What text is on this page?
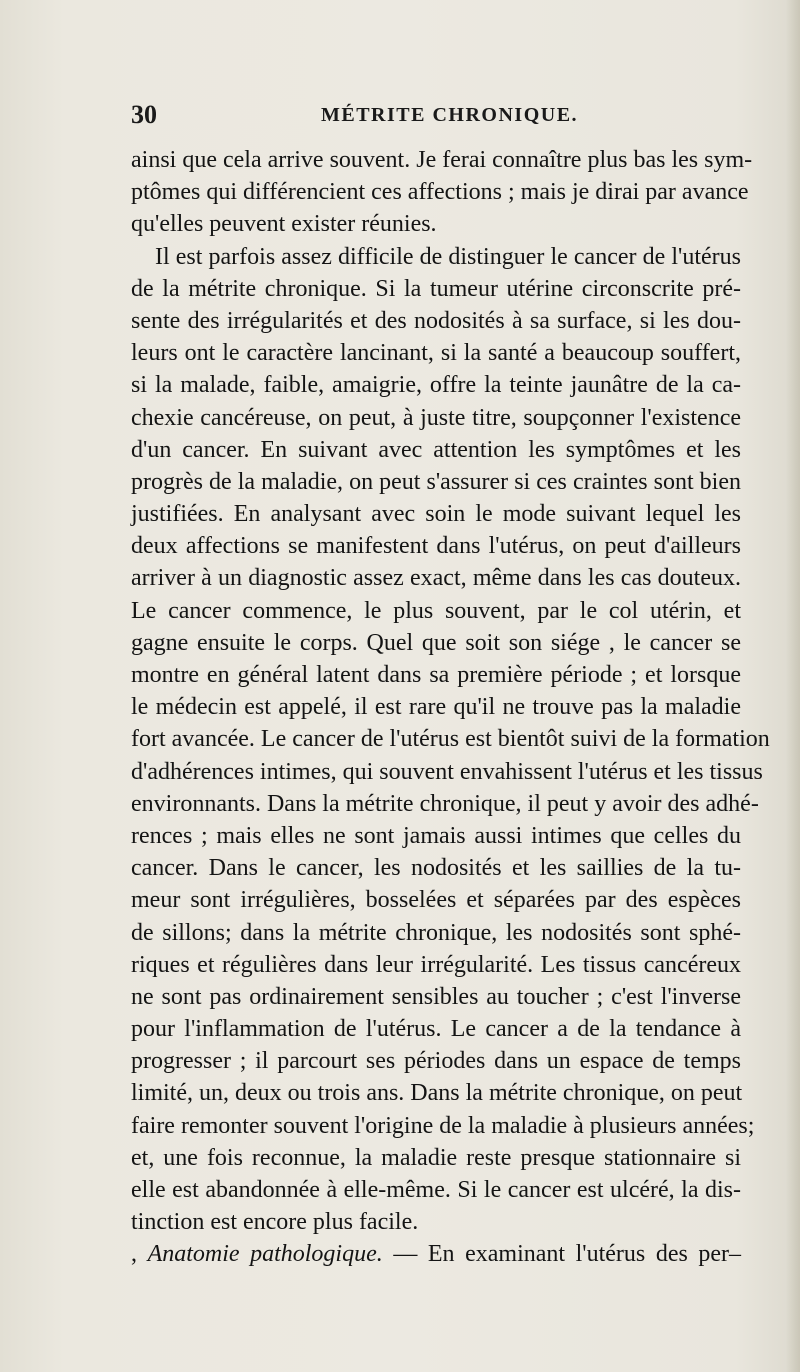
30	MÉTRITE CHRONIQUE.
ainsi que cela arrive souvent. Je ferai connaître plus bas les sym-
ptômes qui différencient ces affections ; mais je dirai par avance
qu'elles peuvent exister réunies.
Il est parfois assez difficile de distinguer le cancer de l'utérus
de la métrite chronique. Si la tumeur utérine circonscrite pré-
sente des irrégularités et des nodosités à sa surface, si les dou-
leurs ont le caractère lancinant, si la santé a beaucoup souffert,
si la malade, faible, amaigrie, offre la teinte jaunâtre de la ca-
chexie cancéreuse, on peut, à juste titre, soupçonner l'existence
d'un cancer. En suivant avec attention les symptômes et les
progrès de la maladie, on peut s'assurer si ces craintes sont bien
justifiées. En analysant avec soin le mode suivant lequel les
deux affections se manifestent dans l'utérus, on peut d'ailleurs
arriver à un diagnostic assez exact, même dans les cas douteux.
Le cancer commence, le plus souvent, par le col utérin, et
gagne ensuite le corps. Quel que soit son siége , le cancer se
montre en général latent dans sa première période ; et lorsque
le médecin est appelé, il est rare qu'il ne trouve pas la maladie
fort avancée. Le cancer de l'utérus est bientôt suivi de la formation
d'adhérences intimes, qui souvent envahissent l'utérus et les tissus
environnants. Dans la métrite chronique, il peut y avoir des adhé-
rences ; mais elles ne sont jamais aussi intimes que celles du
cancer. Dans le cancer, les nodosités et les saillies de la tu-
meur sont irrégulières, bosselées et séparées par des espèces
de sillons; dans la métrite chronique, les nodosités sont sphé-
riques et régulières dans leur irrégularité. Les tissus cancéreux
ne sont pas ordinairement sensibles au toucher ; c'est l'inverse
pour l'inflammation de l'utérus. Le cancer a de la tendance à
progresser ; il parcourt ses périodes dans un espace de temps
limité, un, deux ou trois ans. Dans la métrite chronique, on peut
faire remonter souvent l'origine de la maladie à plusieurs années;
et, une fois reconnue, la maladie reste presque stationnaire si
elle est abandonnée à elle-même. Si le cancer est ulcéré, la dis-
tinction est encore plus facile.
, Anatomie pathologique. — En examinant l'utérus des per–
